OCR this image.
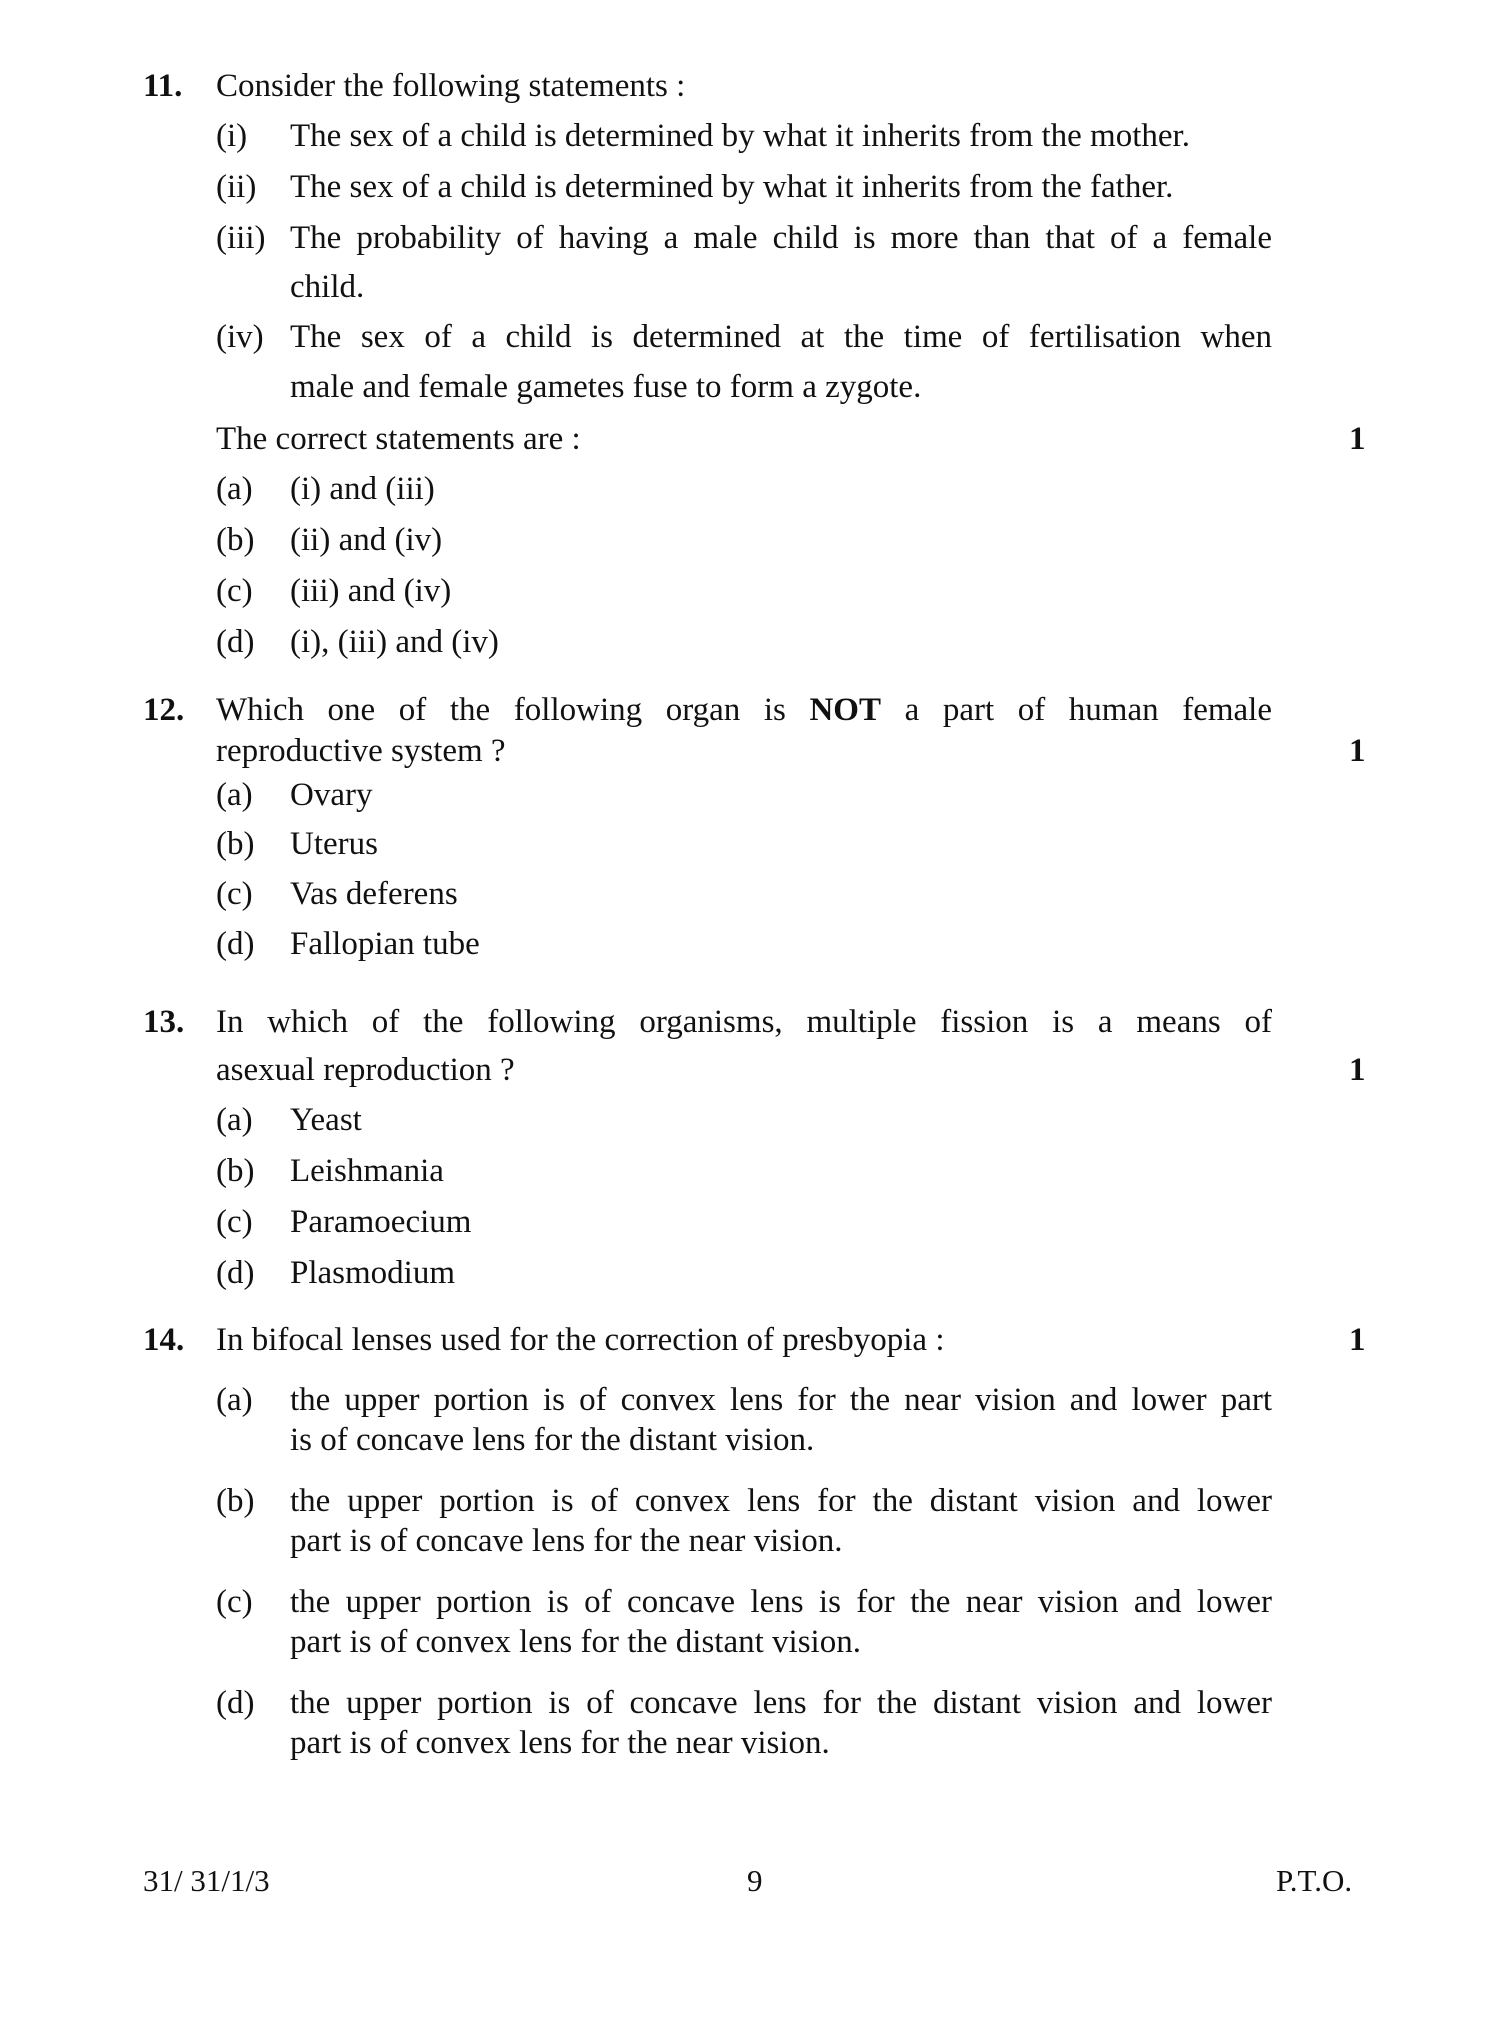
11. Consider the following statements :
(i) The sex of a child is determined by what it inherits from the mother.
(ii) The sex of a child is determined by what it inherits from the father.
(iii) The probability of having a male child is more than that of a female
child.
(iv) The sex of a child is determined at the time of fertilisation when
male and female gametes fuse to form a zygote.
The correct statements are :	1
(a) (i) and (iii)
(b) (ii) and (iv)
(c) (iii) and (iv)
(d) (i), (iii) and (iv)
12. Which one of the following organ is NOT a part of human female
reproductive system ?	1
(a) Ovary
(b) Uterus
(c) Vas deferens
(d) Fallopian tube
13. In which of the following organisms, multiple fission is a means of
asexual reproduction ?	1
(a) Yeast
(b) Leishmania
(c) Paramoecium
(d) Plasmodium
14. In bifocal lenses used for the correction of presbyopia :	1
(a) the upper portion is of convex lens for the near vision and lower part
is of concave lens for the distant vision.
(b) the upper portion is of convex lens for the distant vision and lower
part is of concave lens for the near vision.
(c) the upper portion is of concave lens is for the near vision and lower
part is of convex lens for the distant vision.
(d) the upper portion is of concave lens for the distant vision and lower
part is of convex lens for the near vision.
31/ 31/1/3	9	P.T.O.
